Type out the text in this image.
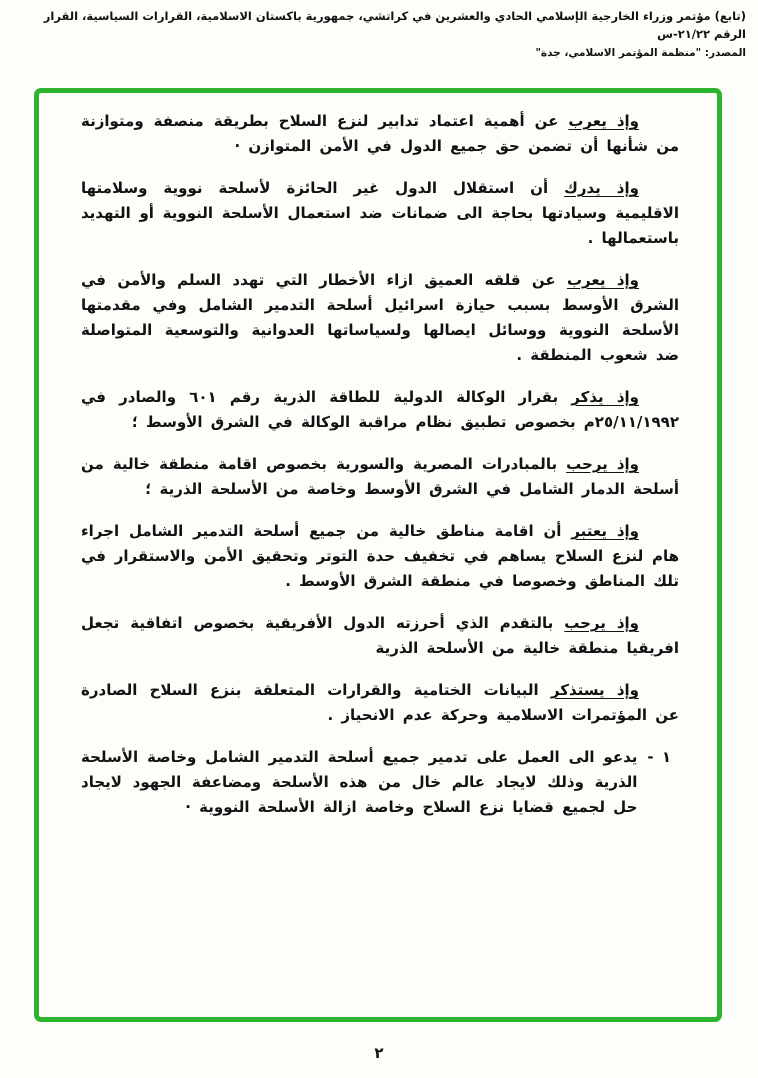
(تابع) مؤتمر وزراء الخارجية الإسلامي الحادي والعشرين في كراتشي، جمهورية باكستان الاسلامية، القرارات السياسية، القرار الرقم ٢١/٢٢-س
المصدر: "منظمة المؤتمر الاسلامي، جدة"

وإذ يعرب عن أهمية اعتماد تدابير لنزع السلاح بطريقة منصفة ومتوازنة من شأنها أن تضمن حق جميع الدول في الأمن المتوازن ·

وإذ يدرك أن استقلال الدول غير الحائزة لأسلحة نووية وسلامتها الاقليمية وسيادتها بحاجة الى ضمانات ضد استعمال الأسلحة النووية أو التهديد باستعمالها .

وإذ يعرب عن قلقه العميق ازاء الأخطار التي تهدد السلم والأمن في الشرق الأوسط بسبب حيازة اسرائيل أسلحة التدمير الشامل وفي مقدمتها الأسلحة النووية ووسائل ايصالها ولسياساتها العدوانية والتوسعية المتواصلة ضد شعوب المنطقة .

وإذ يذكر بقرار الوكالة الدولية للطاقة الذرية رقم ٦٠١ والصادر في ٢٥/١١/١٩٩٢م بخصوص تطبيق نظام مراقبة الوكالة في الشرق الأوسط ؛

وإذ يرحب بالمبادرات المصرية والسورية بخصوص اقامة منطقة خالية من أسلحة الدمار الشامل في الشرق الأوسط وخاصة من الأسلحة الذرية ؛

وإذ يعتبر أن اقامة مناطق خالية من جميع أسلحة التدمير الشامل اجراء هام لنزع السلاح يساهم في تخفيف حدة التوتر وتحقيق الأمن والاستقرار في تلك المناطق وخصوصا في منطقة الشرق الأوسط .

وإذ يرحب بالتقدم الذي أحرزته الدول الأفريقية بخصوص اتفاقية تجعل افريقيا منطقة خالية من الأسلحة الذرية

وإذ يستذكر البيانات الختامية والقرارات المتعلقة بنزع السلاح الصادرة عن المؤتمرات الاسلامية وحركة عدم الانحياز .

١ -
يدعو الى العمل على تدمير جميع أسلحة التدمير الشامل وخاصة الأسلحة الذرية وذلك لايجاد عالم خال من هذه الأسلحة ومضاعفة الجهود لايجاد حل لجميع قضايا نزع السلاح وخاصة ازالة الأسلحة النووية ·
٢
